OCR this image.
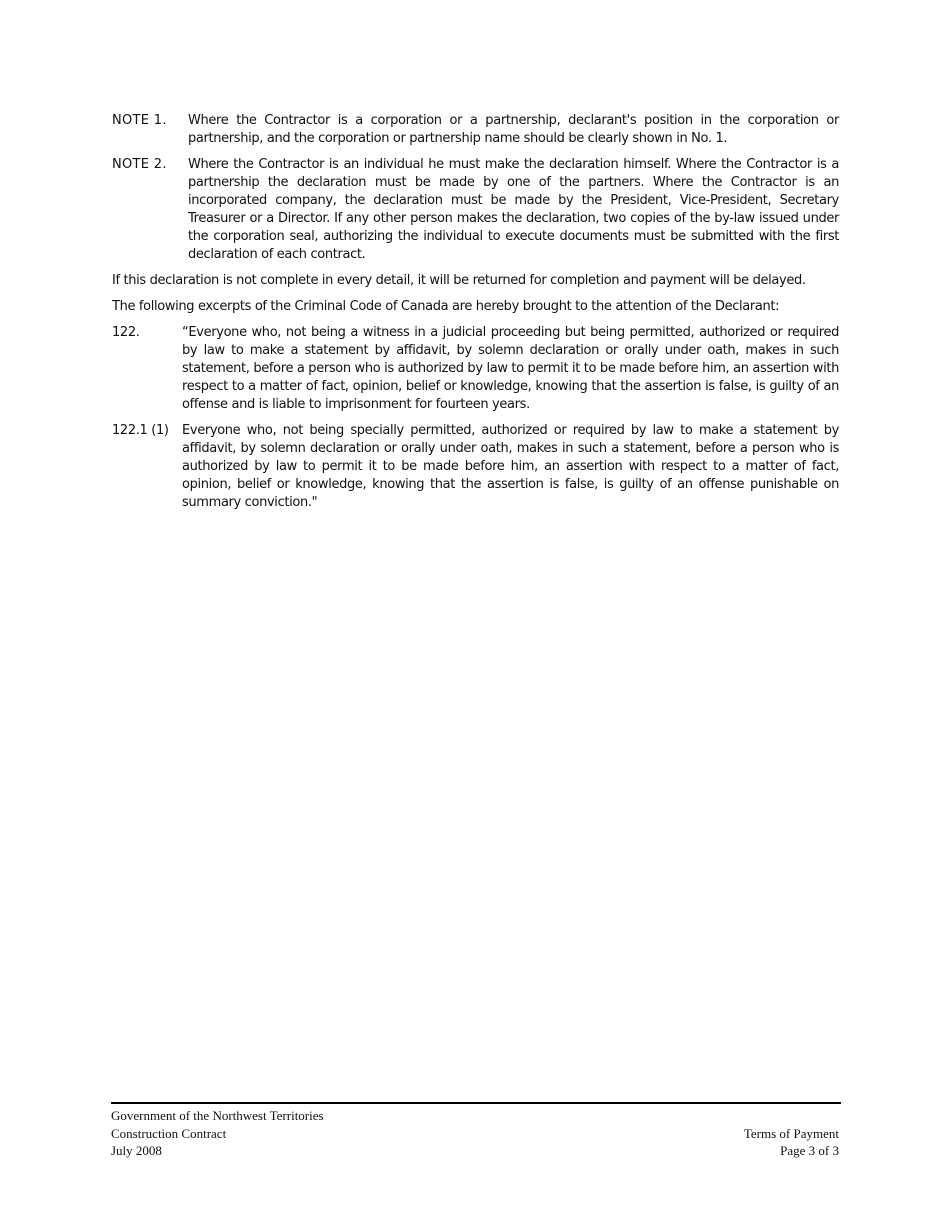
NOTE 1.	Where the Contractor is a corporation or a partnership, declarant's position in the corporation or partnership, and the corporation or partnership name should be clearly shown in No. 1.
NOTE 2.	Where the Contractor is an individual he must make the declaration himself. Where the Contractor is a partnership the declaration must be made by one of the partners. Where the Contractor is an incorporated company, the declaration must be made by the President, Vice-President, Secretary Treasurer or a Director. If any other person makes the declaration, two copies of the by-law issued under the corporation seal, authorizing the individual to execute documents must be submitted with the first declaration of each contract.

If this declaration is not complete in every detail, it will be returned for completion and payment will be delayed.

The following excerpts of the Criminal Code of Canada are hereby brought to the attention of the Declarant:

122.	“Everyone who, not being a witness in a judicial proceeding but being permitted, authorized or required by law to make a statement by affidavit, by solemn declaration or orally under oath, makes in such statement, before a person who is authorized by law to permit it to be made before him, an assertion with respect to a matter of fact, opinion, belief or knowledge, knowing that the assertion is false, is guilty of an offense and is liable to imprisonment for fourteen years.
122.1 (1)	Everyone who, not being specially permitted, authorized or required by law to make a statement by affidavit, by solemn declaration or orally under oath, makes in such a statement, before a person who is authorized by law to permit it to be made before him, an assertion with respect to a matter of fact, opinion, belief or knowledge, knowing that the assertion is false, is guilty of an offense punishable on summary conviction."
Government of the Northwest Territories
Construction Contract
July 2008
Terms of Payment
Page 3 of 3
